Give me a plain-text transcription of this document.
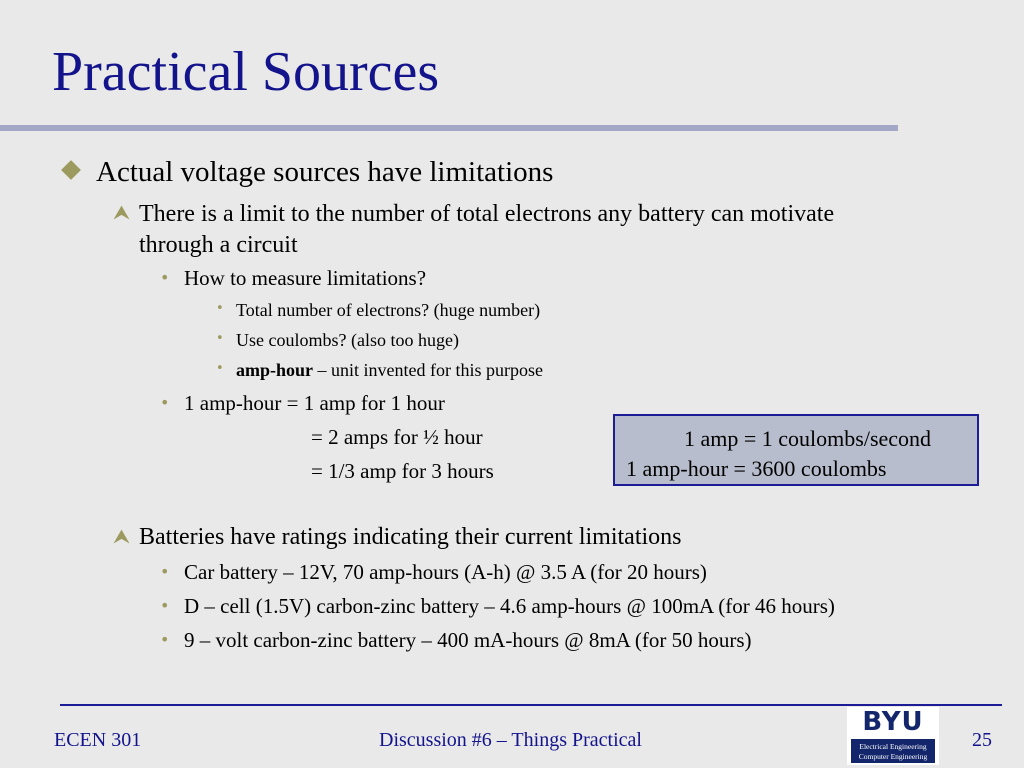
Practical Sources
Actual voltage sources have limitations
⮝ There is a limit to the number of total electrons any battery can motivate
through a circuit
• How to measure limitations?
• Total number of electrons? (huge number)
• Use coulombs? (also too huge)
• amp-hour – unit invented for this purpose
• 1 amp-hour = 1 amp for 1 hour
= 2 amps for ½ hour
= 1/3 amp for 3 hours
1 amp = 1 coulombs/second
1 amp-hour = 3600 coulombs
⮝ Batteries have ratings indicating their current limitations
• Car battery – 12V, 70 amp-hours (A-h) @ 3.5 A (for 20 hours)
• D – cell (1.5V) carbon-zinc battery – 4.6 amp-hours @ 100mA (for 46 hours)
• 9 – volt carbon-zinc battery – 400 mA-hours @ 8mA (for 50 hours)
ECEN 301	Discussion #6 – Things Practical	25
BYU
Electrical Engineering
Computer Engineering
